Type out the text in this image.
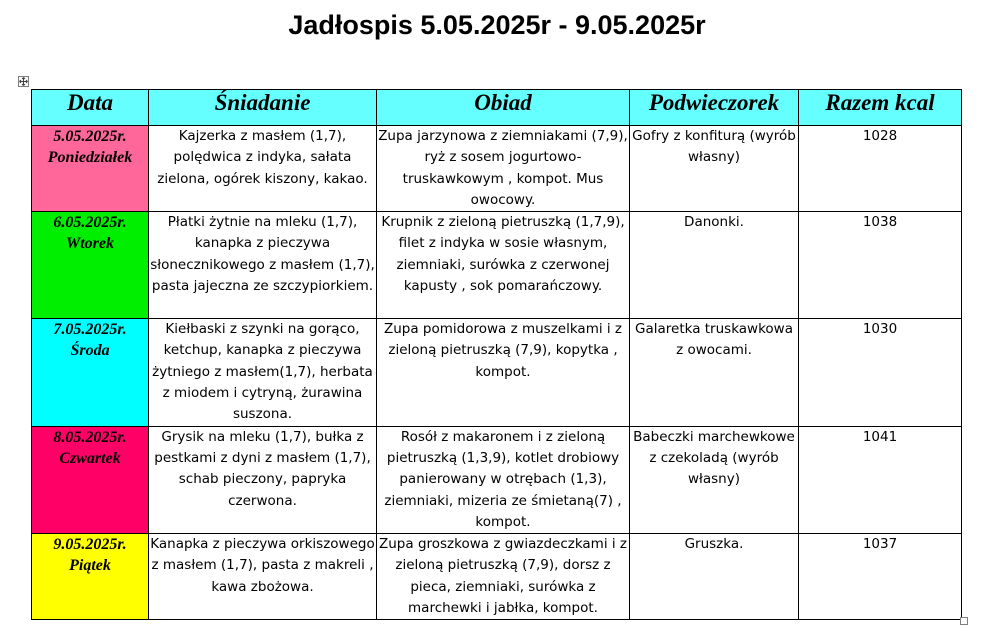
Jadłospis 5.05.2025r - 9.05.2025r
Data	Śniadanie	Obiad	Podwieczorek	Razem kcal

5.05.2025r.
Poniedziałek	Kajzerka z masłem (1,7), polędwica z indyka, sałata zielona, ogórek kiszony, kakao.	Zupa jarzynowa z ziemniakami (7,9), ryż z sosem jogurtowo-truskawkowym , kompot. Mus owocowy.	Gofry z konfiturą (wyrób własny)	1028

6.05.2025r.
Wtorek	Płatki żytnie na mleku (1,7), kanapka z pieczywa słonecznikowego z masłem (1,7), pasta jajeczna ze szczypiorkiem.	Krupnik z zieloną pietruszką (1,7,9), filet z indyka w sosie własnym, ziemniaki, surówka z czerwonej kapusty , sok pomarańczowy.	Danonki.	1038

7.05.2025r.
Środa	Kiełbaski z szynki na gorąco, ketchup, kanapka z pieczywa żytniego z masłem(1,7), herbata z miodem i cytryną, żurawina suszona.	Zupa pomidorowa z muszelkami i z zieloną pietruszką (7,9), kopytka , kompot.	Galaretka truskawkowa z owocami.	1030

8.05.2025r.
Czwartek	Grysik na mleku (1,7), bułka z pestkami z dyni z masłem (1,7), schab pieczony, papryka czerwona.	Rosół z makaronem i z zieloną pietruszką (1,3,9), kotlet drobiowy panierowany w otrębach (1,3), ziemniaki, mizeria ze śmietaną(7) , kompot.	Babeczki marchewkowe z czekoladą (wyrób własny)	1041

9.05.2025r.
Piątek	Kanapka z pieczywa orkiszowego z masłem (1,7), pasta z makreli , kawa zbożowa.	Zupa groszkowa z gwiazdeczkami i z zieloną pietruszką (7,9), dorsz z pieca, ziemniaki, surówka z marchewki i jabłka, kompot.	Gruszka.	1037
